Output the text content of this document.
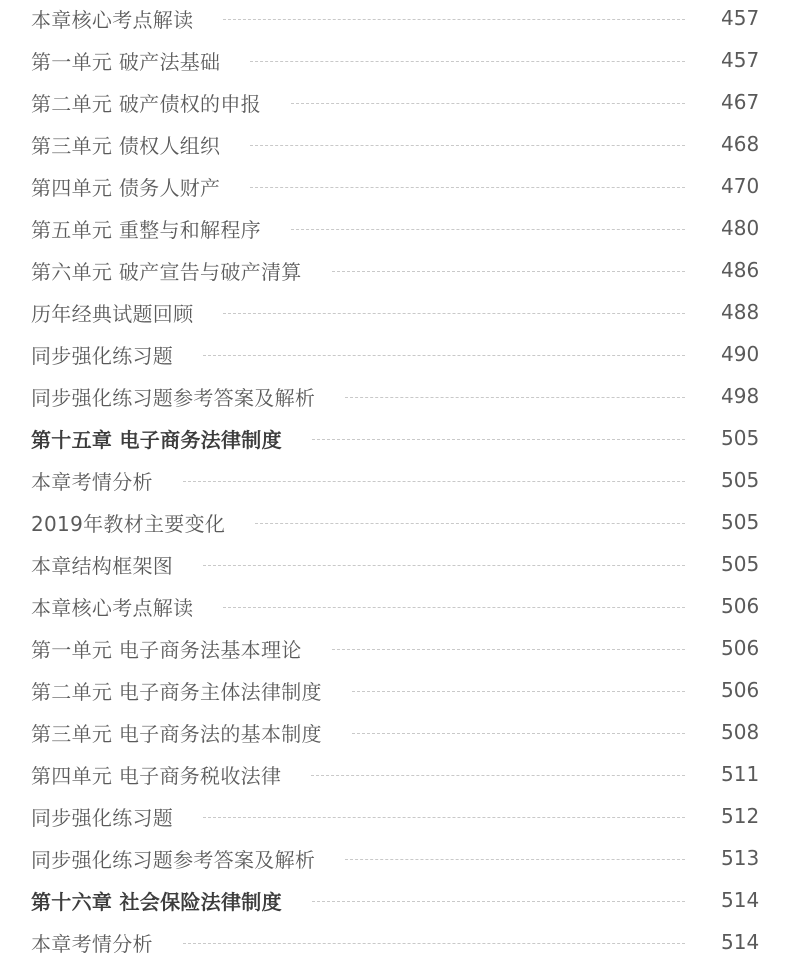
本章核心考点解读	457
第一单元 破产法基础	457
第二单元 破产债权的申报	467
第三单元 债权人组织	468
第四单元 债务人财产	470
第五单元 重整与和解程序	480
第六单元 破产宣告与破产清算	486
历年经典试题回顾	488
同步强化练习题	490
同步强化练习题参考答案及解析	498
第十五章 电子商务法律制度	505
本章考情分析	505
2019年教材主要变化	505
本章结构框架图	505
本章核心考点解读	506
第一单元 电子商务法基本理论	506
第二单元 电子商务主体法律制度	506
第三单元 电子商务法的基本制度	508
第四单元 电子商务税收法律	511
同步强化练习题	512
同步强化练习题参考答案及解析	513
第十六章 社会保险法律制度	514
本章考情分析	514
